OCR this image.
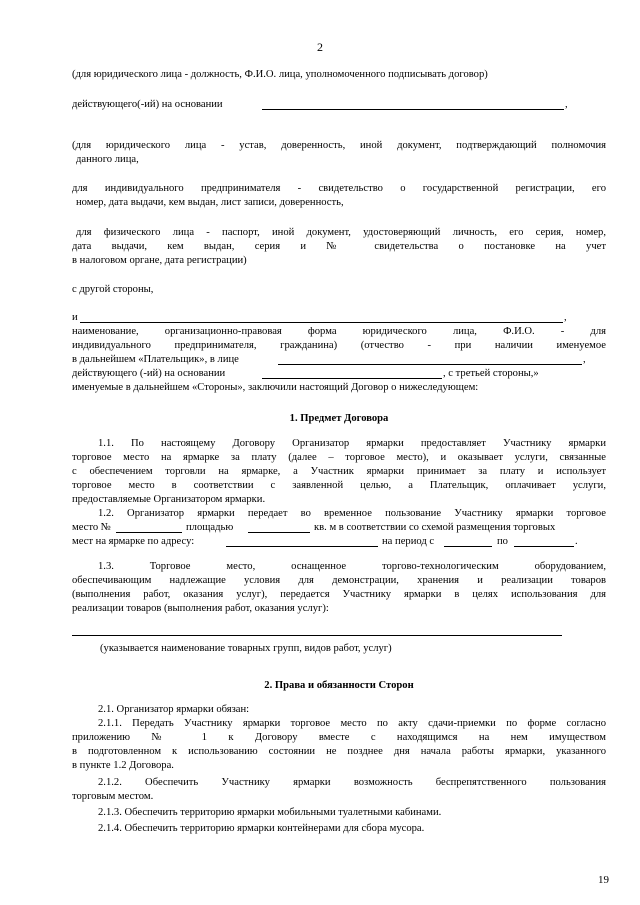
2
(для юридического лица - должность, Ф.И.О. лица, уполномоченного подписывать договор)
действующего(-ий) на основании	,
(для юридического лица - устав, доверенность, иной документ, подтверждающий полномочия
данного лица,
для индивидуального предпринимателя - свидетельство о государственной регистрации, его
номер, дата выдачи, кем выдан, лист записи, доверенность,
для физического лица - паспорт, иной документ, удостоверяющий личность, его серия, номер,
дата выдачи, кем выдан, серия и № свидетельства о постановке на учет
в налоговом органе, дата регистрации)
с другой стороны,
и	,
наименование, организационно-правовая форма юридического лица, Ф.И.О. - для
индивидуального предпринимателя, гражданина) (отчество - при наличии именуемое
в дальнейшем «Плательщик», в лице	,
действующего (-ий) на основании	, с третьей стороны,»
именуемые в дальнейшем «Стороны», заключили настоящий Договор о нижеследующем:
1. Предмет Договора
1.1. По настоящему Договору Организатор ярмарки предоставляет Участнику ярмарки
торговое место на ярмарке за плату (далее – торговое место), и оказывает услуги, связанные
с обеспечением торговли на ярмарке, а Участник ярмарки принимает за плату и использует
торговое место в соответствии с заявленной целью, а Плательщик, оплачивает услуги,
предоставляемые Организатором ярмарки.
1.2. Организатор ярмарки передает во временное пользование Участнику ярмарки торговое
место №	площадью	кв. м в соответствии со схемой размещения торговых
мест на ярмарке по адресу:	на период с	по	.
1.3. Торговое место, оснащенное торгово-технологическим оборудованием,
обеспечивающим надлежащие условия для демонстрации, хранения и реализации товаров
(выполнения работ, оказания услуг), передается Участнику ярмарки в целях использования для
реализации товаров (выполнения работ, оказания услуг):
(указывается наименование товарных групп, видов работ, услуг)
2. Права и обязанности Сторон
2.1. Организатор ярмарки обязан:
2.1.1. Передать Участнику ярмарки торговое место по акту сдачи-приемки по форме согласно
приложению № 1 к Договору вместе с находящимся на нем имуществом
в подготовленном к использованию состоянии не позднее дня начала работы ярмарки, указанного
в пункте 1.2 Договора.
2.1.2. Обеспечить Участнику ярмарки возможность беспрепятственного пользования
торговым местом.
2.1.3. Обеспечить территорию ярмарки мобильными туалетными кабинами.
2.1.4. Обеспечить территорию ярмарки контейнерами для сбора мусора.
19
